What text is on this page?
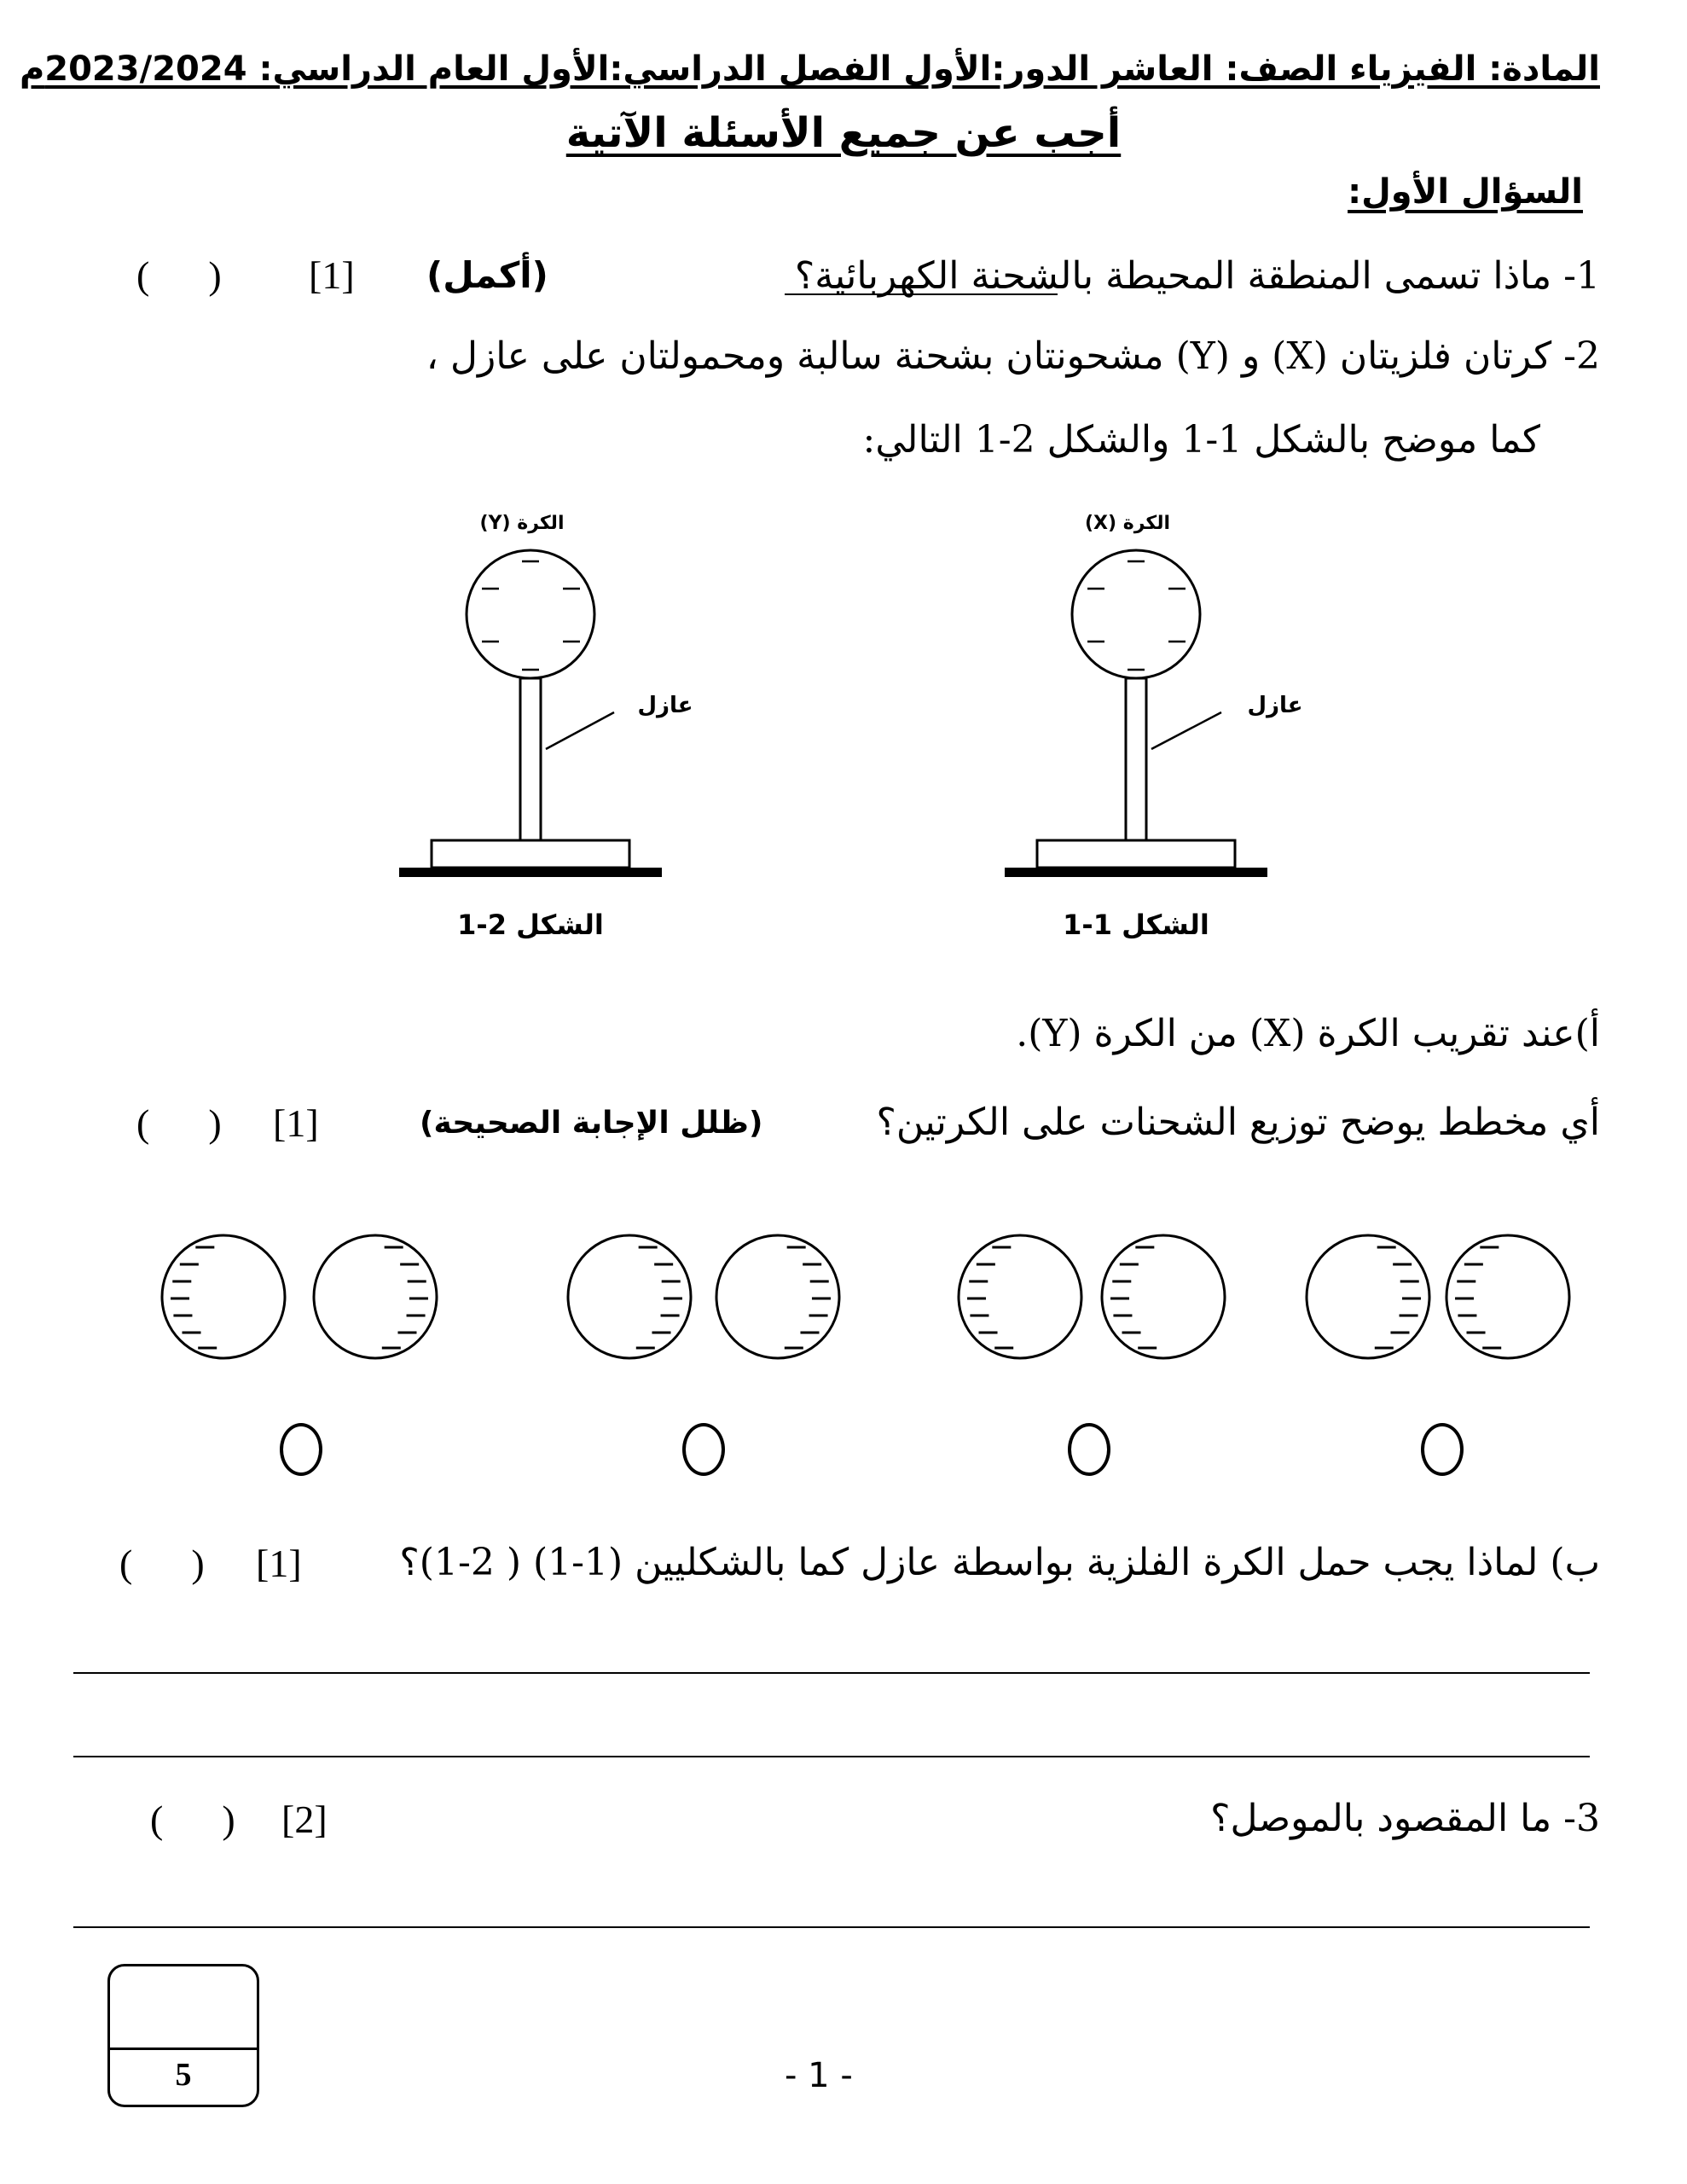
المادة: الفيزياء الصف: العاشر الدور:الأول الفصل الدراسي:الأول العام الدراسي: 2023/2024م
أجب عن جميع الأسئلة الآتية
السؤال الأول:
1- ماذا تسمى المنطقة المحيطة بالشحنة الكهربائية؟
(أكمل)
[1]
(      )
2- كرتان فلزيتان (X) و (Y) مشحونتان بشحنة سالبة ومحمولتان على عازل ،
كما موضح بالشكل 1-1 والشكل 2-1 التالي:
الكرة (Y)
عازل
الشكل 2-1
الكرة (X)
عازل
الشكل 1-1
أ)عند تقريب الكرة (X) من الكرة (Y).
أي مخطط يوضح توزيع الشحنات على الكرتين؟
(ظلل الإجابة الصحيحة)
[1]
(      )
ب) لماذا يجب حمل الكرة الفلزية بواسطة عازل كما بالشكليين (1-1) ( 2-1)؟
[1]
(      )
3- ما المقصود بالموصل؟
[2]
(      )
5	- 1 -
